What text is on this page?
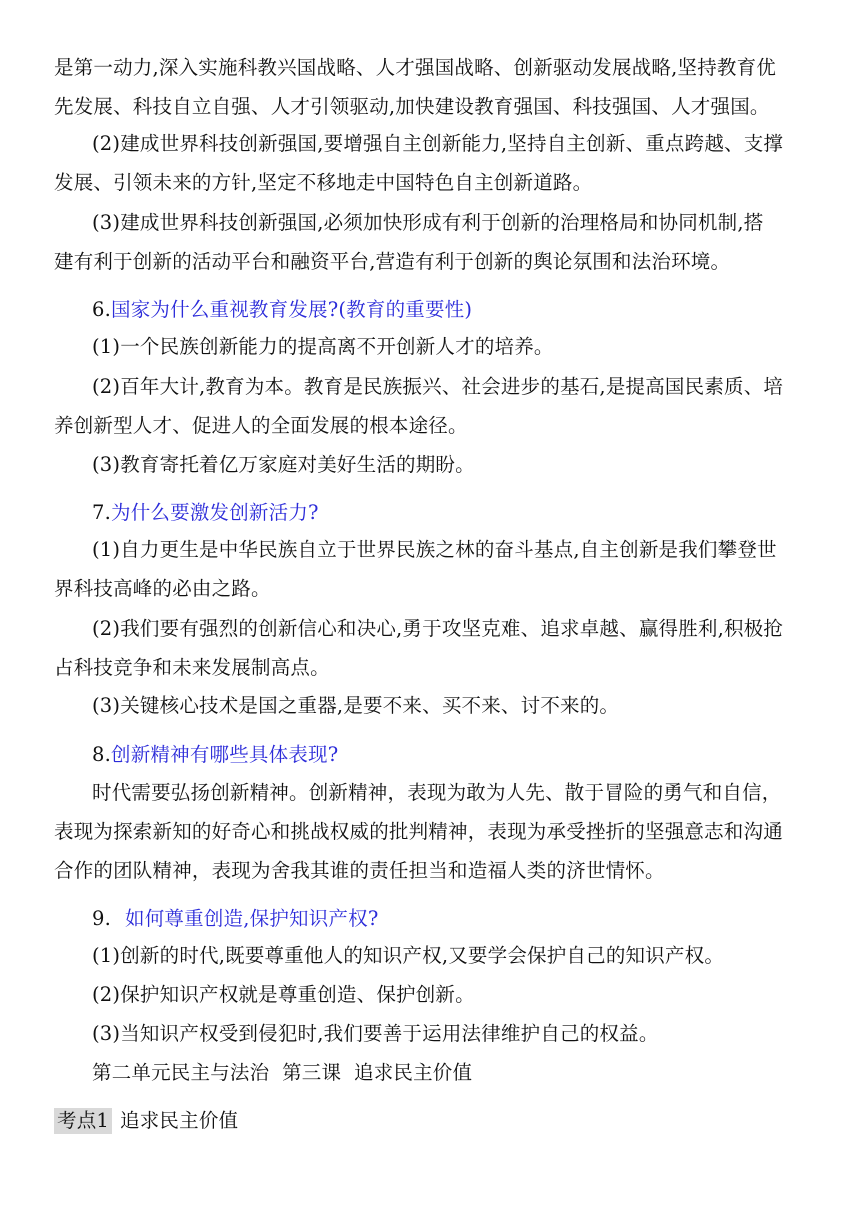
是第一动力,深入实施科教兴国战略、人才强国战略、创新驱动发展战略,坚持教育优
先发展、科技自立自强、人才引领驱动,加快建设教育强国、科技强国、人才强国。
(2)建成世界科技创新强国,要增强自主创新能力,坚持自主创新、重点跨越、支撑
发展、引领未来的方针,坚定不移地走中国特色自主创新道路。
(3)建成世界科技创新强国,必须加快形成有利于创新的治理格局和协同机制,搭
建有利于创新的活动平台和融资平台,营造有利于创新的舆论氛围和法治环境。
6.国家为什么重视教育发展?(教育的重要性)
(1)一个民族创新能力的提高离不开创新人才的培养。
(2)百年大计,教育为本。教育是民族振兴、社会进步的基石,是提高国民素质、培
养创新型人才、促进人的全面发展的根本途径。
(3)教育寄托着亿万家庭对美好生活的期盼。
7.为什么要激发创新活力?
(1)自力更生是中华民族自立于世界民族之林的奋斗基点,自主创新是我们攀登世
界科技高峰的必由之路。
(2)我们要有强烈的创新信心和决心,勇于攻坚克难、追求卓越、赢得胜利,积极抢
占科技竞争和未来发展制高点。
(3)关键核心技术是国之重器,是要不来、买不来、讨不来的。
8.创新精神有哪些具体表现?
时代需要弘扬创新精神。创新精神，表现为敢为人先、散于冒险的勇气和自信，
表现为探索新知的好奇心和挑战权威的批判精神，表现为承受挫折的坚强意志和沟通
合作的团队精神，表现为舍我其谁的责任担当和造福人类的济世情怀。
9. 如何尊重创造,保护知识产权?
(1)创新的时代,既要尊重他人的知识产权,又要学会保护自己的知识产权。
(2)保护知识产权就是尊重创造、保护创新。
(3)当知识产权受到侵犯时,我们要善于运用法律维护自己的权益。
第二单元民主与法治  第三课  追求民主价值
考点1 追求民主价值
